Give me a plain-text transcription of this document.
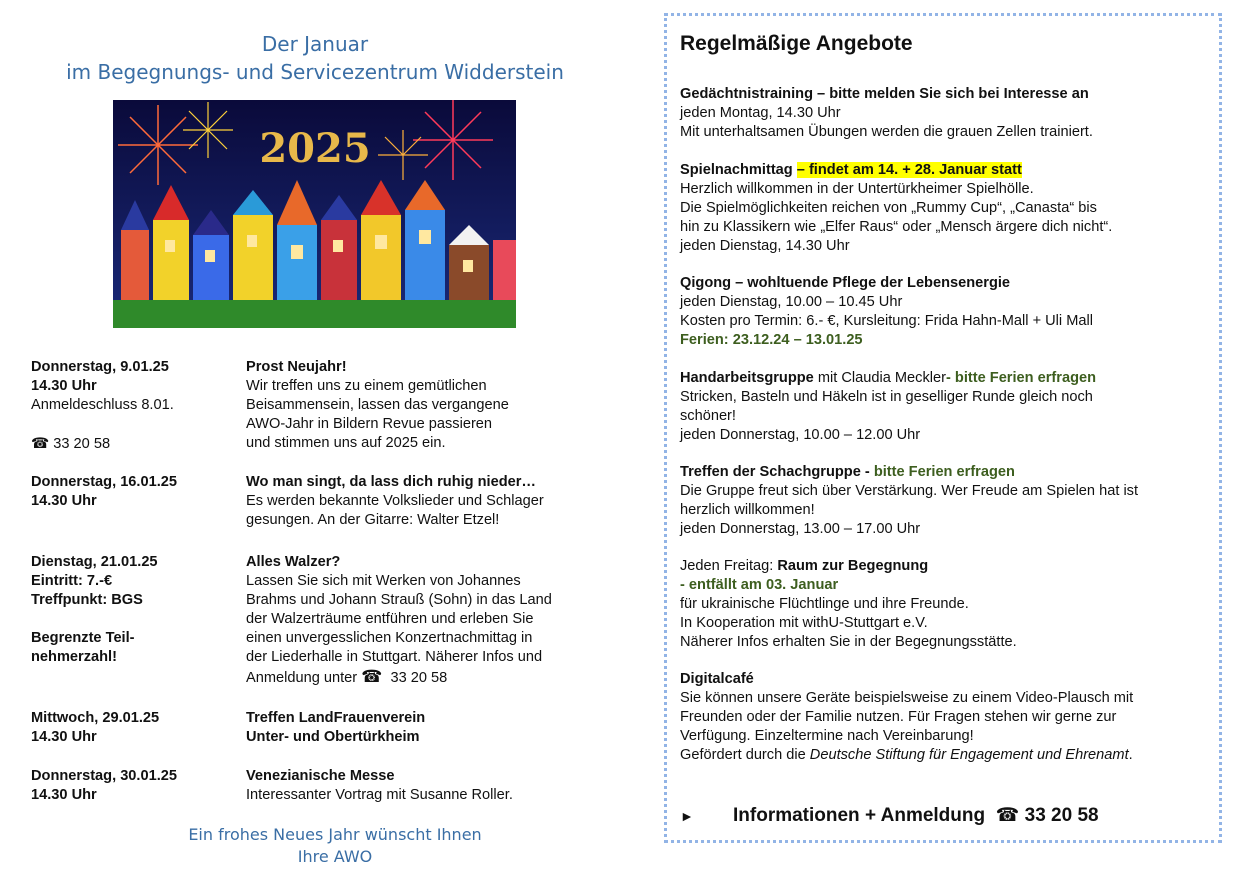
Der Januar
im Begegnungs- und Servicezentrum Widderstein
2025
Donnerstag, 9.01.25
14.30 Uhr
Anmeldeschluss 8.01.
☎ 33 20 58
Prost Neujahr!
Wir treffen uns zu einem gemütlichen
Beisammensein, lassen das vergangene
AWO-Jahr in Bildern Revue passieren
und stimmen uns auf 2025 ein.
Donnerstag, 16.01.25
14.30 Uhr
Wo man singt, da lass dich ruhig nieder…
Es werden bekannte Volkslieder und Schlager
gesungen. An der Gitarre: Walter Etzel!
Dienstag, 21.01.25
Eintritt: 7.-€
Treffpunkt: BGS
Begrenzte Teil-
nehmerzahl!
Alles Walzer?
Lassen Sie sich mit Werken von Johannes
Brahms und Johann Strauß (Sohn) in das Land
der Walzerträume entführen und erleben Sie
einen unvergesslichen Konzertnachmittag in
der Liederhalle in Stuttgart. Näherer Infos und
Anmeldung unter ☎ 33 20 58
Mittwoch, 29.01.25
14.30 Uhr
Treffen LandFrauenverein
Unter- und Obertürkheim
Donnerstag, 30.01.25
14.30 Uhr
Venezianische Messe
Interessanter Vortrag mit Susanne Roller.
Ein frohes Neues Jahr wünscht Ihnen
Ihre AWO
Regelmäßige Angebote
Gedächtnistraining – bitte melden Sie sich bei Interesse an
jeden Montag, 14.30 Uhr
Mit unterhaltsamen Übungen werden die grauen Zellen trainiert.
Spielnachmittag – findet am 14. + 28. Januar statt
Herzlich willkommen in der Untertürkheimer Spielhölle.
Die Spielmöglichkeiten reichen von „Rummy Cup“, „Canasta“ bis
hin zu Klassikern wie „Elfer Raus“ oder „Mensch ärgere dich nicht“.
jeden Dienstag, 14.30 Uhr
Qigong – wohltuende Pflege der Lebensenergie
jeden Dienstag, 10.00 – 10.45 Uhr
Kosten pro Termin: 6.- €, Kursleitung: Frida Hahn-Mall + Uli Mall
Ferien: 23.12.24 – 13.01.25
Handarbeitsgruppe mit Claudia Meckler- bitte Ferien erfragen
Stricken, Basteln und Häkeln ist in geselliger Runde gleich noch
schöner!
jeden Donnerstag, 10.00 – 12.00 Uhr
Treffen der Schachgruppe - bitte Ferien erfragen
Die Gruppe freut sich über Verstärkung. Wer Freude am Spielen hat ist
herzlich willkommen!
jeden Donnerstag, 13.00 – 17.00 Uhr
Jeden Freitag: Raum zur Begegnung
- entfällt am 03. Januar
für ukrainische Flüchtlinge und ihre Freunde.
In Kooperation mit withU-Stuttgart e.V.
Näherer Infos erhalten Sie in der Begegnungsstätte.
Digitalcafé
Sie können unsere Geräte beispielsweise zu einem Video-Plausch mit
Freunden oder der Familie nutzen. Für Fragen stehen wir gerne zur
Verfügung. Einzeltermine nach Vereinbarung!
Gefördert durch die Deutsche Stiftung für Engagement und Ehrenamt.
► Informationen + Anmeldung ☎ 33 20 58
